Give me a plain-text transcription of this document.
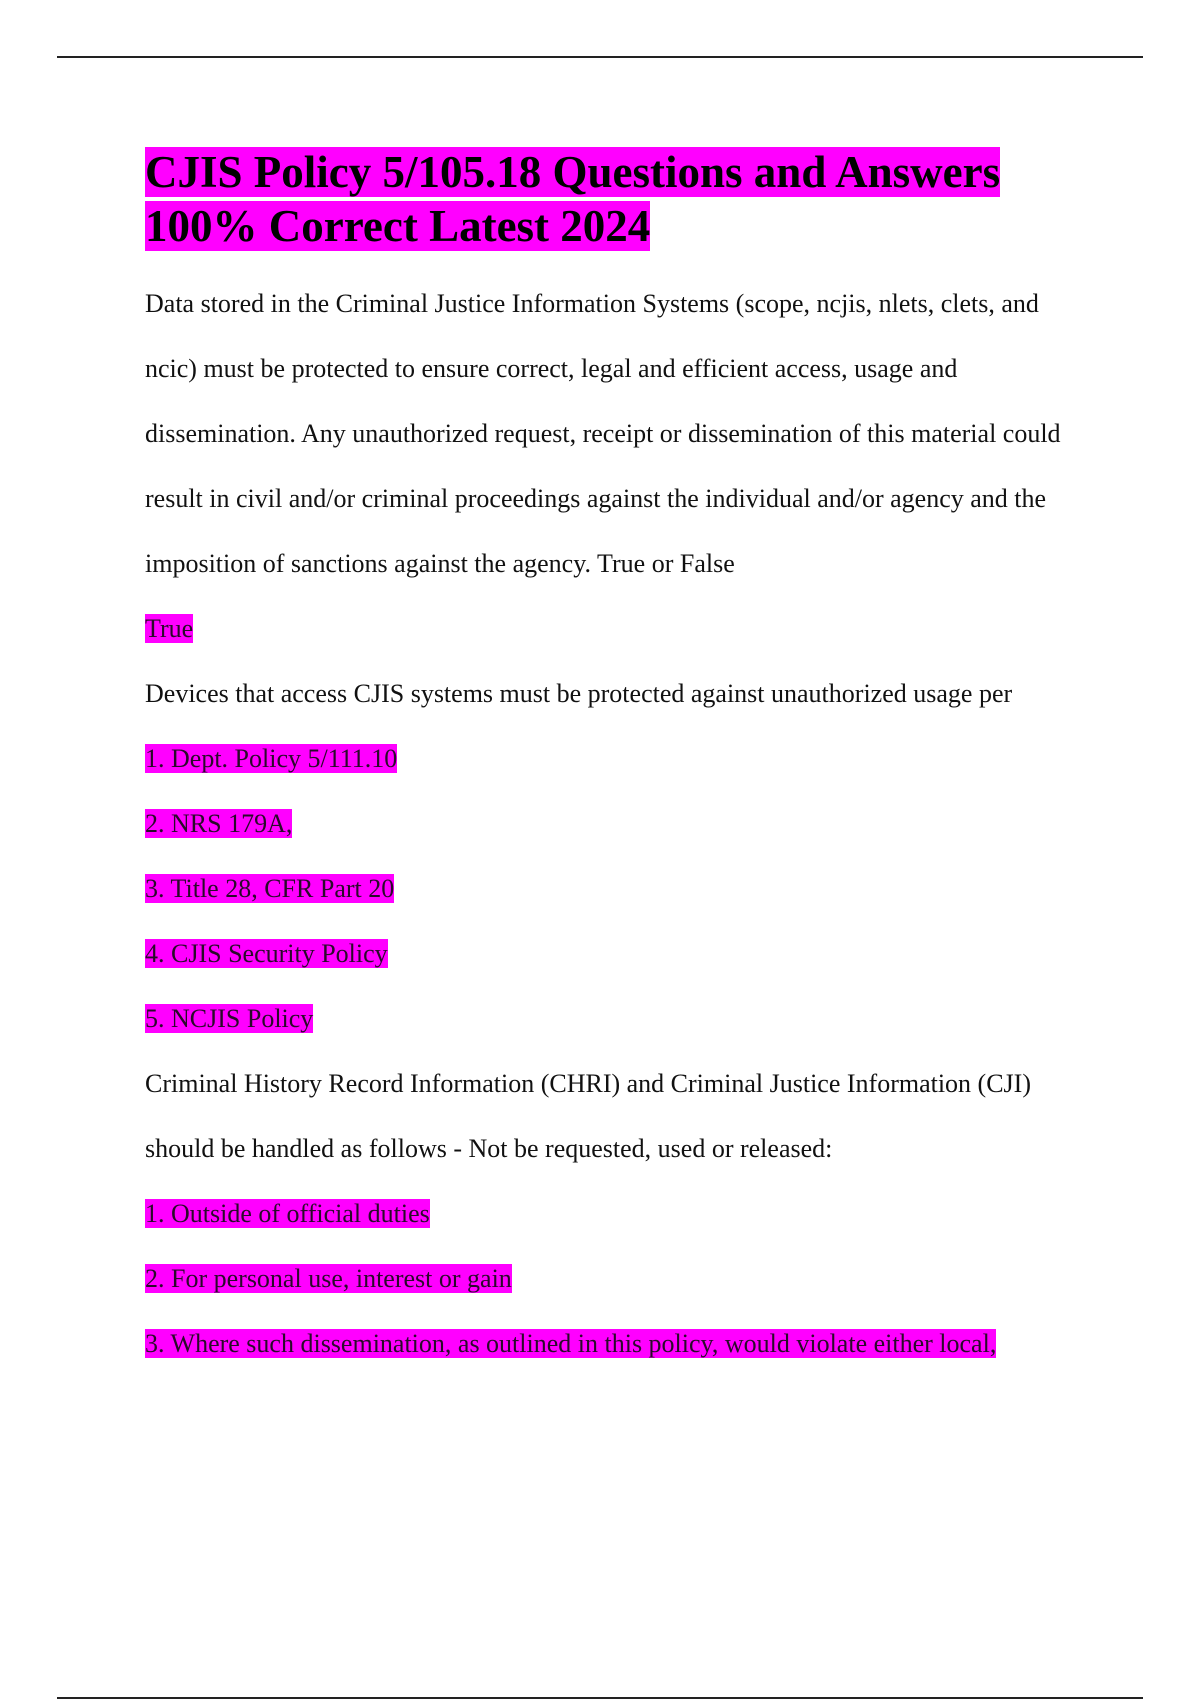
CJIS Policy 5/105.18 Questions and Answers 100% Correct Latest 2024

Data stored in the Criminal Justice Information Systems (scope, ncjis, nlets, clets, and ncic) must be protected to ensure correct, legal and efficient access, usage and dissemination. Any unauthorized request, receipt or dissemination of this material could result in civil and/or criminal proceedings against the individual and/or agency and the imposition of sanctions against the agency. True or False

True

Devices that access CJIS systems must be protected against unauthorized usage per

1. Dept. Policy 5/111.10

2. NRS 179A,

3. Title 28, CFR Part 20

4. CJIS Security Policy

5. NCJIS Policy

Criminal History Record Information (CHRI) and Criminal Justice Information (CJI) should be handled as follows - Not be requested, used or released:

1. Outside of official duties

2. For personal use, interest or gain

3. Where such dissemination, as outlined in this policy, would violate either local,
